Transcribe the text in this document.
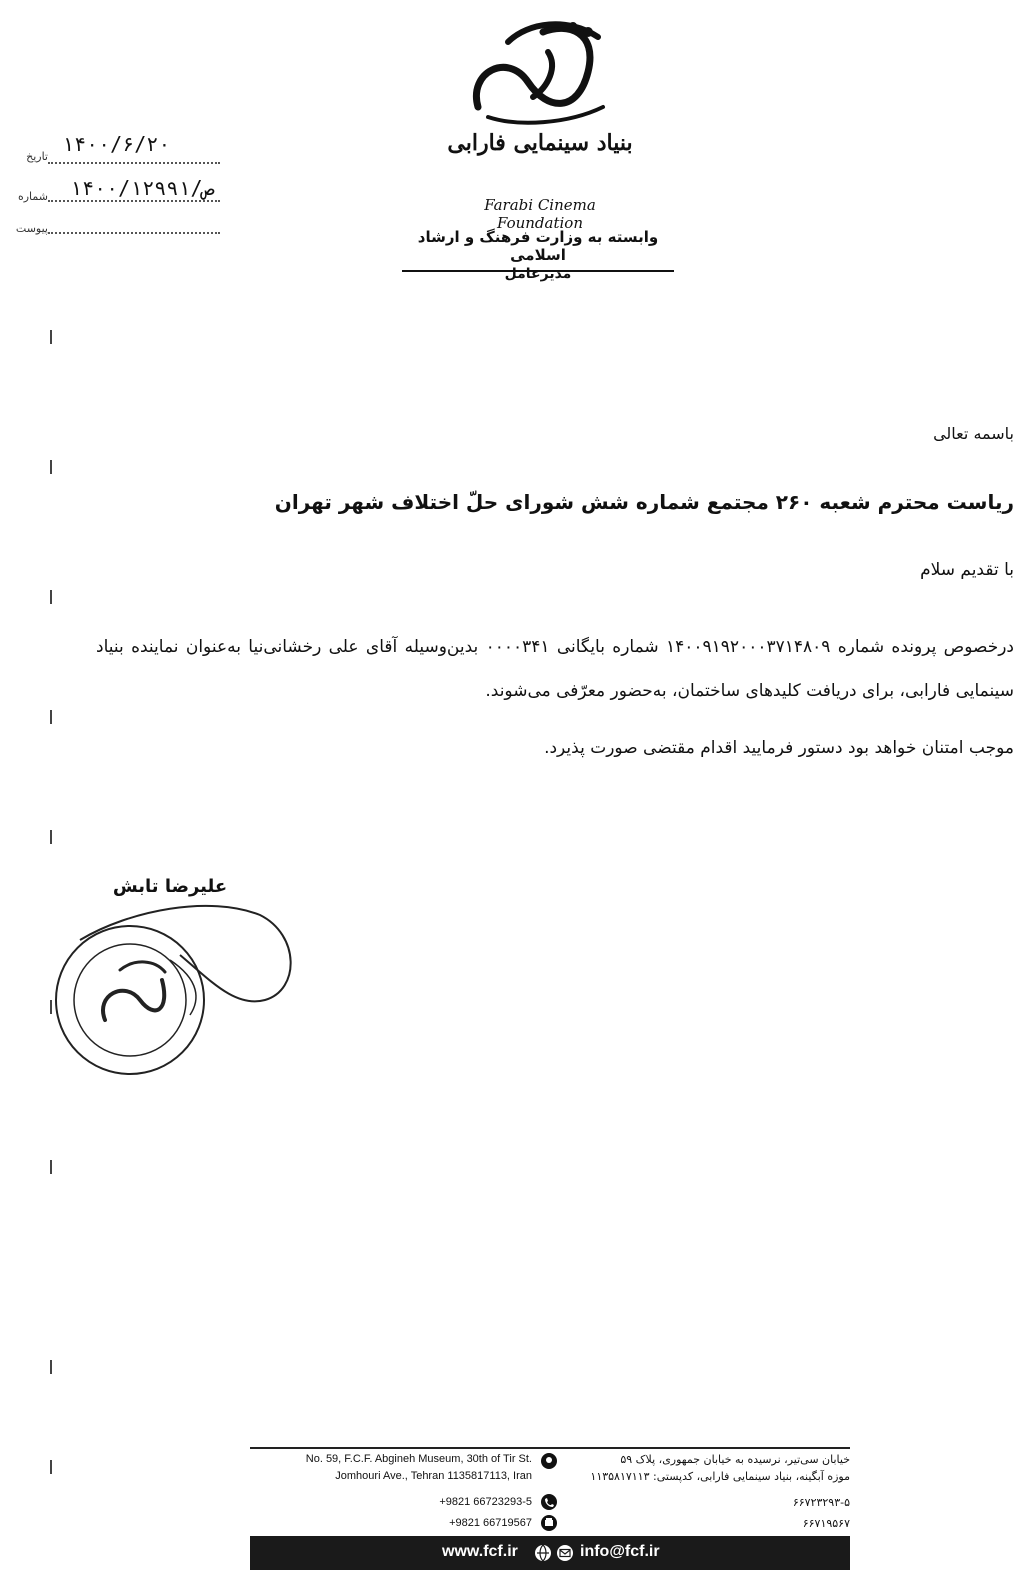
۱۴۰۰/۶/۲۰
تاریخ
۱۴۰۰/ص/۱۲۹۹۱
شماره
پیوست
بنیاد سینمایی فارابی
Farabi Cinema Foundation
وابسته به وزارت فرهنگ و ارشاد اسلامی
مدیرعامل
باسمه تعالی
ریاست محترم شعبه ۲۶۰ مجتمع شماره شش شورای حلّ اختلاف شهر تهران
با تقدیم سلام
درخصوص پرونده شماره ۱۴۰۰۹۱۹۲۰۰۰۳۷۱۴۸۰۹ شماره بایگانی ۰۰۰۰۳۴۱ بدین‌وسیله آقای علی رخشانی‌نیا به‌عنوان نماینده بنیاد سینمایی فارابی، برای دریافت کلیدهای ساختمان، به‌حضور معرّفی می‌شوند.
موجب امتنان خواهد بود دستور فرمایید اقدام مقتضی صورت پذیرد.
علیرضا تابش
No. 59, F.C.F. Abgineh Museum, 30th of Tir St.
Jomhouri Ave., Tehran 1135817113, Iran
خیابان سی‌تیر، نرسیده به خیابان جمهوری، پلاک ۵۹
موزه آبگینه، بنیاد سینمایی فارابی، کدپستی: ۱۱۳۵۸۱۷۱۱۳
+9821 66723293-5	۶۶۷۲۳۲۹۳-۵
+9821 66719567	۶۶۷۱۹۵۶۷
www.fcf.ir	info@fcf.ir
